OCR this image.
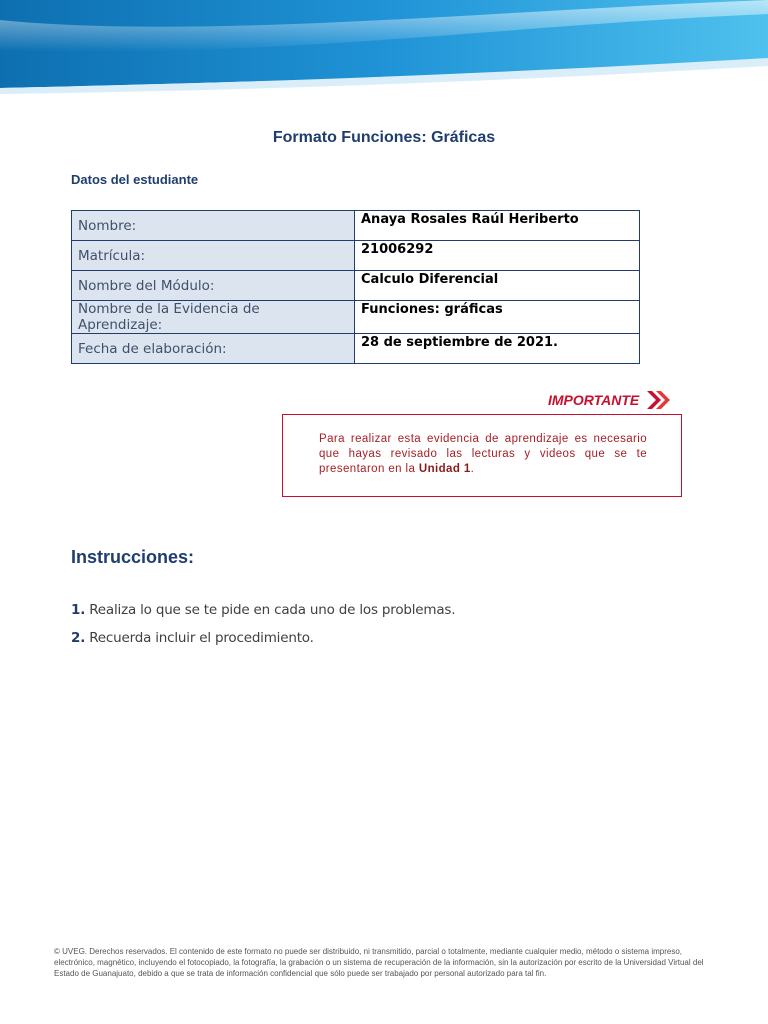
Formato Funciones: Gráficas
Datos del estudiante
Nombre:	Anaya Rosales Raúl Heriberto
Matrícula:	21006292
Nombre del Módulo:	Calculo Diferencial
Nombre de la Evidencia de Aprendizaje:	Funciones: gráficas
Fecha de elaboración:	28 de septiembre de 2021.
IMPORTANTE

Para realizar esta evidencia de aprendizaje es necesario que hayas revisado las lecturas y videos que se te presentaron en la Unidad 1.

Instrucciones:
1. Realiza lo que se te pide en cada uno de los problemas.
2. Recuerda incluir el procedimiento.
© UVEG. Derechos reservados. El contenido de este formato no puede ser distribuido, ni transmitido, parcial o totalmente, mediante cualquier medio, método o sistema impreso, electrónico, magnético, incluyendo el fotocopiado, la fotografía, la grabación o un sistema de recuperación de la información, sin la autorización por escrito de la Universidad Virtual del Estado de Guanajuato, debido a que se trata de información confidencial que sólo puede ser trabajado por personal autorizado para tal fin.
